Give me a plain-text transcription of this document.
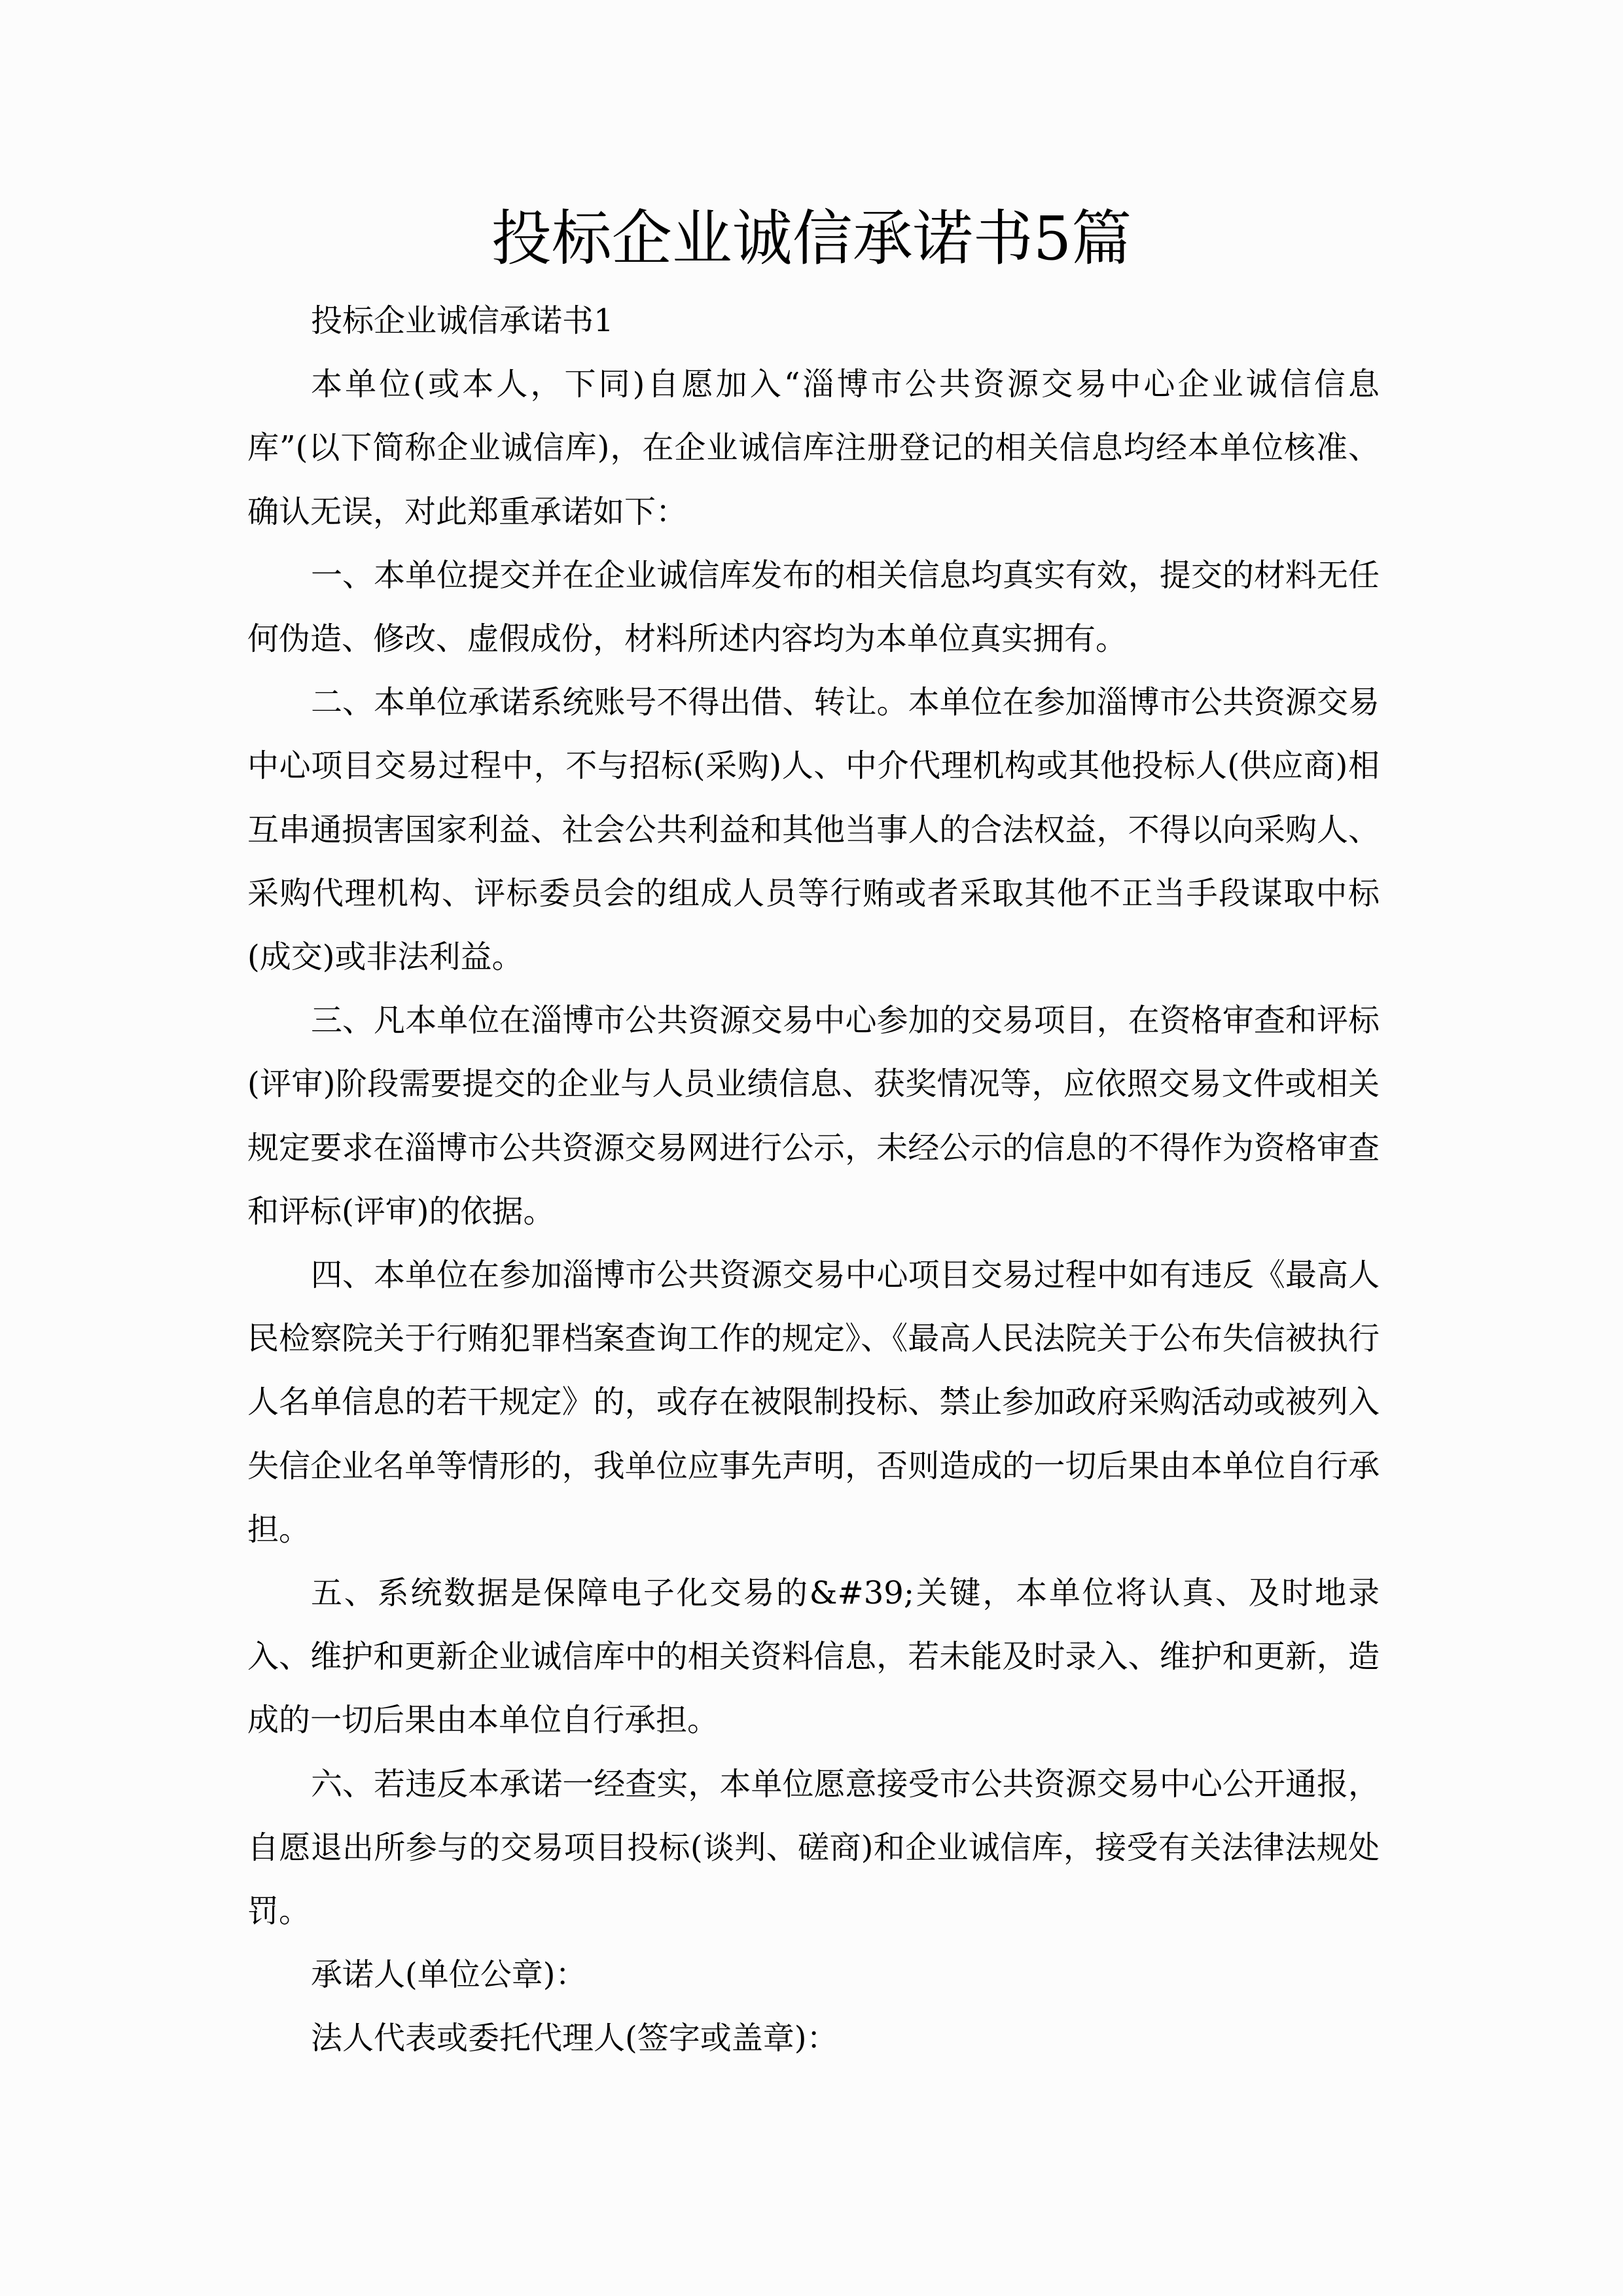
投标企业诚信承诺书5篇

投标企业诚信承诺书1

本单位(或本人，下同)自愿加入“淄博市公共资源交易中心企业诚信信息库”(以下简称企业诚信库)，在企业诚信库注册登记的相关信息均经本单位核准、确认无误，对此郑重承诺如下：

一、本单位提交并在企业诚信库发布的相关信息均真实有效，提交的材料无任何伪造、修改、虚假成份，材料所述内容均为本单位真实拥有。

二、本单位承诺系统账号不得出借、转让。本单位在参加淄博市公共资源交易中心项目交易过程中，不与招标(采购)人、中介代理机构或其他投标人(供应商)相互串通损害国家利益、社会公共利益和其他当事人的合法权益，不得以向采购人、采购代理机构、评标委员会的组成人员等行贿或者采取其他不正当手段谋取中标(成交)或非法利益。

三、凡本单位在淄博市公共资源交易中心参加的交易项目，在资格审查和评标(评审)阶段需要提交的企业与人员业绩信息、获奖情况等，应依照交易文件或相关规定要求在淄博市公共资源交易网进行公示，未经公示的信息的不得作为资格审查和评标(评审)的依据。

四、本单位在参加淄博市公共资源交易中心项目交易过程中如有违反《最高人民检察院关于行贿犯罪档案查询工作的规定》、《最高人民法院关于公布失信被执行人名单信息的若干规定》的，或存在被限制投标、禁止参加政府采购活动或被列入失信企业名单等情形的，我单位应事先声明，否则造成的一切后果由本单位自行承担。

五、系统数据是保障电子化交易的&#39;关键，本单位将认真、及时地录入、维护和更新企业诚信库中的相关资料信息，若未能及时录入、维护和更新，造成的一切后果由本单位自行承担。

六、若违反本承诺一经查实，本单位愿意接受市公共资源交易中心公开通报，自愿退出所参与的交易项目投标(谈判、磋商)和企业诚信库，接受有关法律法规处罚。

承诺人(单位公章)：

法人代表或委托代理人(签字或盖章)：
